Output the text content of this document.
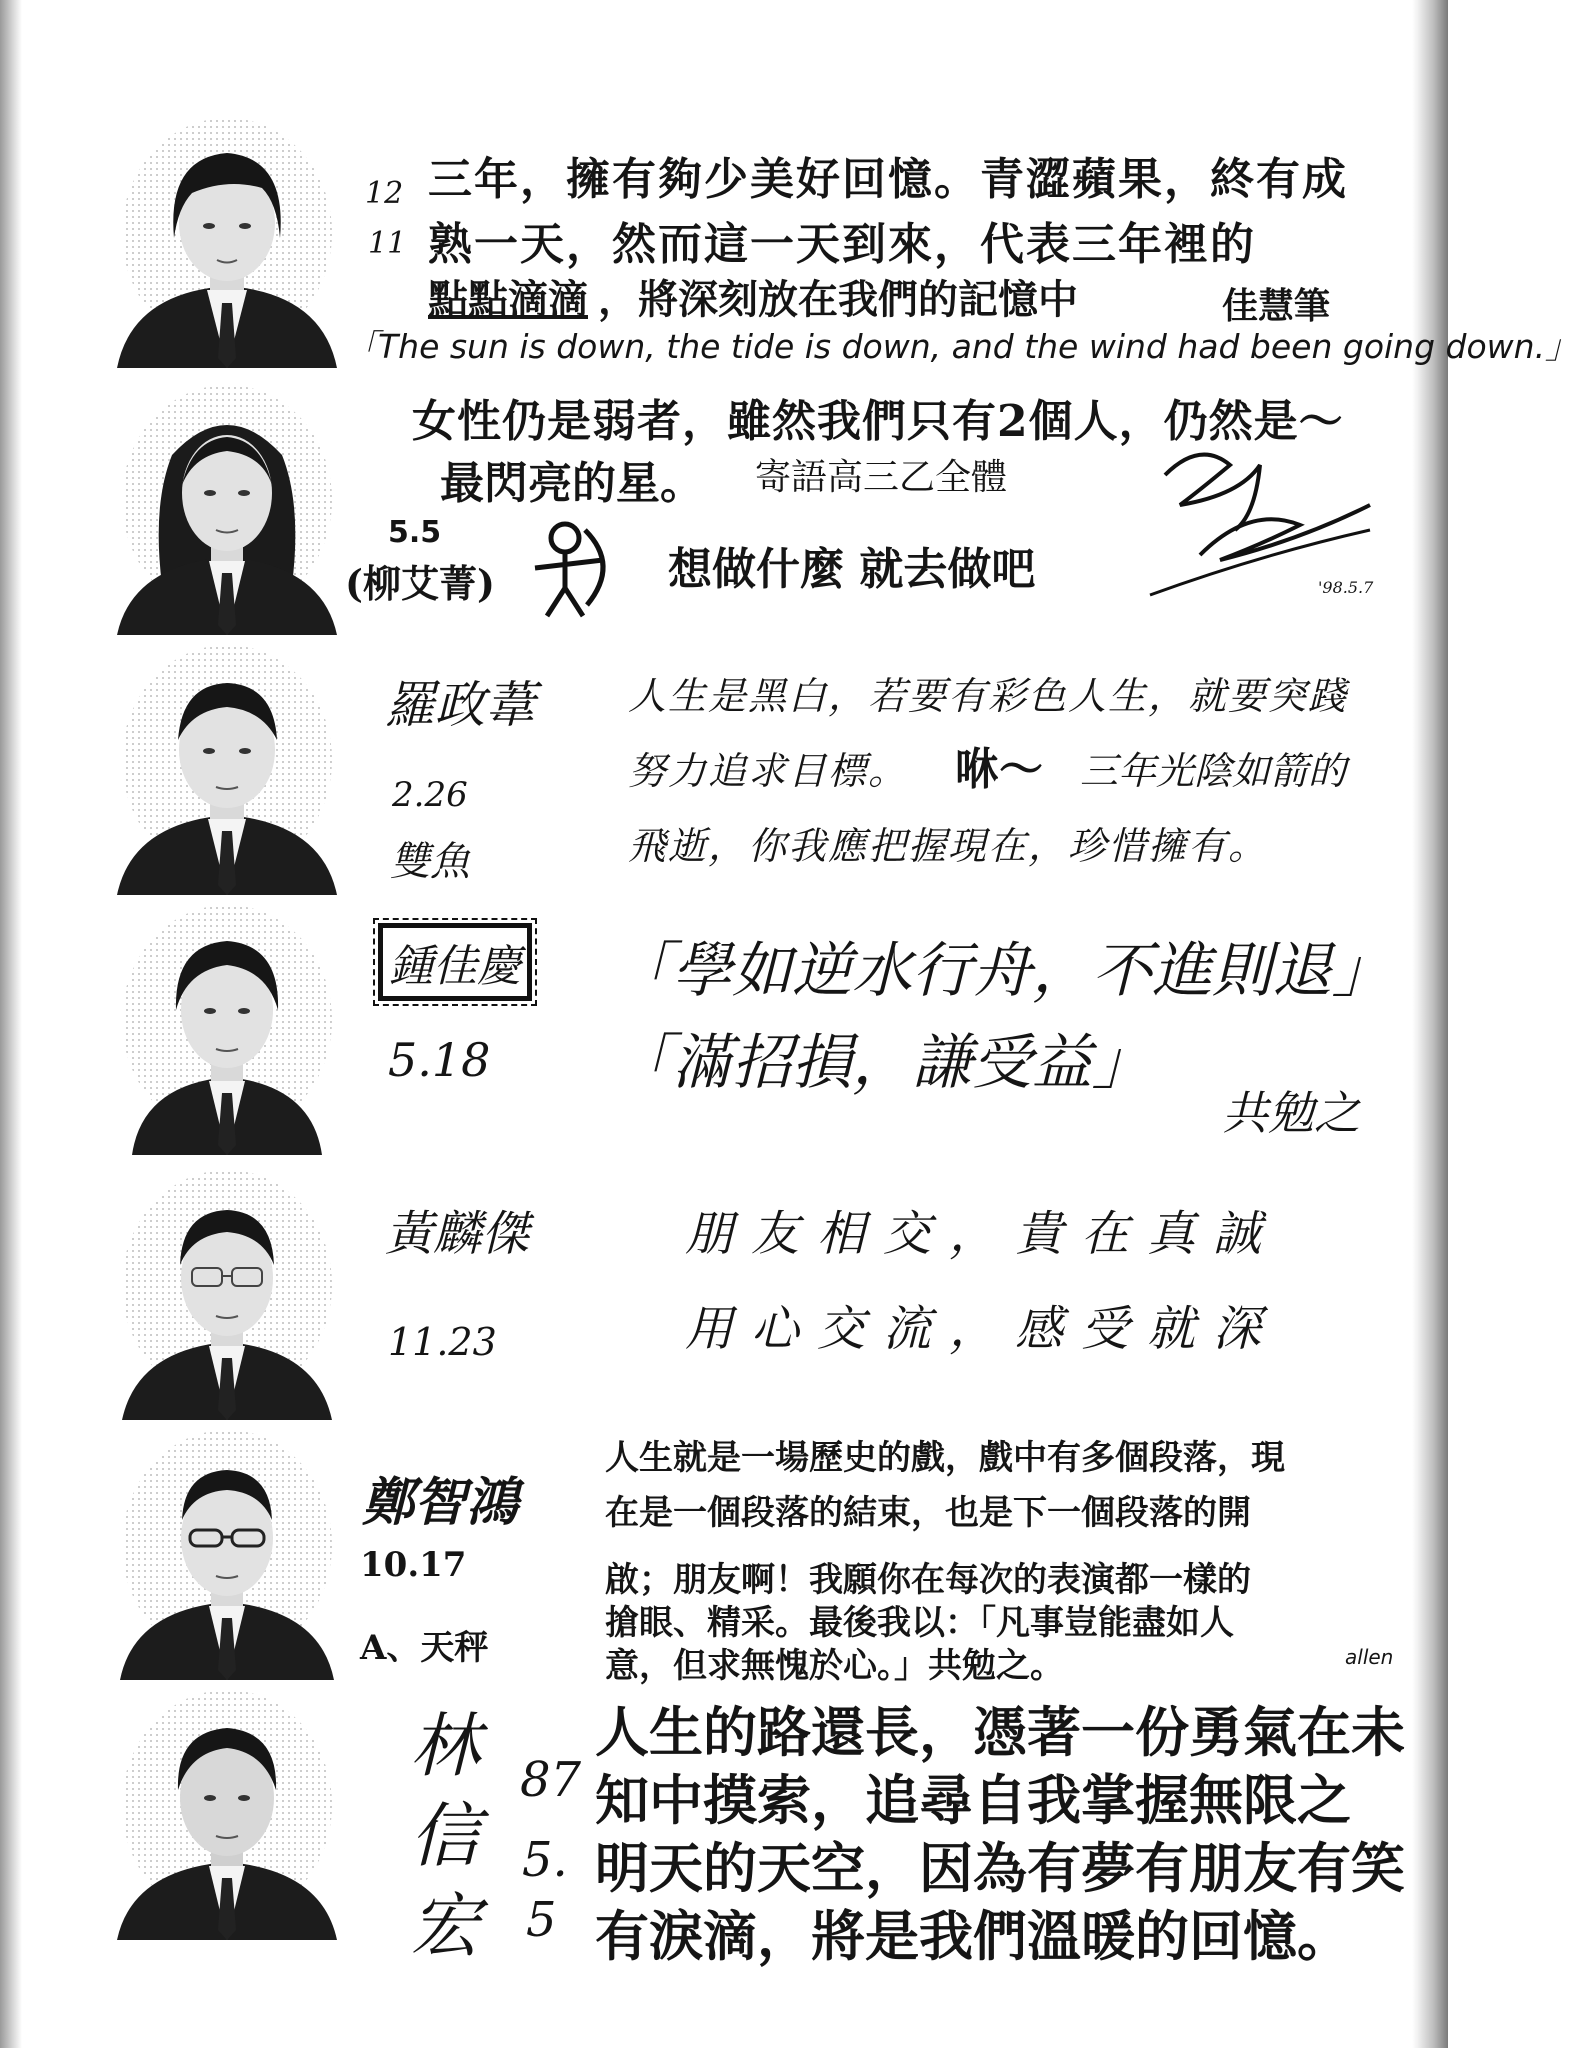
12
11
三年，擁有夠少美好回憶。青澀蘋果，終有成
熟一天，然而這一天到來，代表三年裡的
點點滴滴 ，將深刻放在我們的記憶中	佳慧筆
「The sun is down, the tide is down, and the wind had been going down.」
女性仍是弱者，雖然我們只有2個人，仍然是～
最閃亮的星。 寄語高三乙全體
5.5
(柳艾菁)	想做什麼 就去做吧	'98.5.7
羅政葦
2.26
雙魚
人生是黑白，若要有彩色人生，就要突踐
努力追求目標。 咻～ 三年光陰如箭的
飛逝，你我應把握現在，珍惜擁有。
鍾佳慶
5.18
「學如逆水行舟，不進則退」
「滿招損，謙受益」
共勉之
黃麟傑
11.23
朋友相交，貴在真誠
用心交流，感受就深
鄭智鴻
10.17
A、天秤
人生就是一場歷史的戲，戲中有多個段落，現
在是一個段落的結束，也是下一個段落的開
啟；朋友啊！我願你在每次的表演都一樣的
搶眼、精采。最後我以：「凡事豈能盡如人
意，但求無愧於心。」共勉之。	allen
林
信
宏
87
5.
5
人生的路還長，憑著一份勇氣在未
知中摸索，追尋自我掌握無限之
明天的天空，因為有夢有朋友有笑
有淚滴，將是我們溫暖的回憶。
